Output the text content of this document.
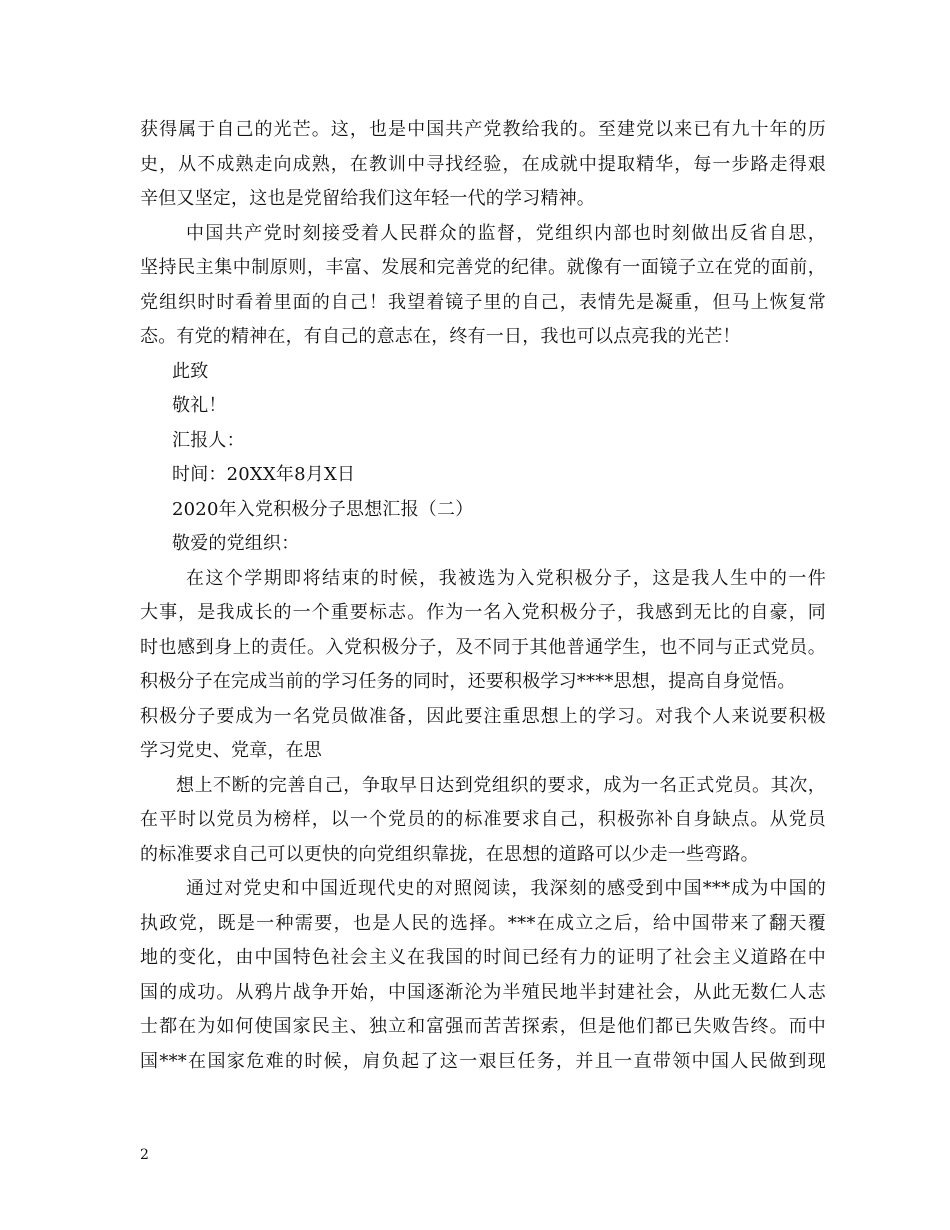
获得属于自己的光芒。这，也是中国共产党教给我的。至建党以来已有九十年的历
史，从不成熟走向成熟，在教训中寻找经验，在成就中提取精华，每一步路走得艰
辛但又坚定，这也是党留给我们这年轻一代的学习精神。
中国共产党时刻接受着人民群众的监督，党组织内部也时刻做出反省自思，
坚持民主集中制原则，丰富、发展和完善党的纪律。就像有一面镜子立在党的面前，
党组织时时看着里面的自己！我望着镜子里的自己，表情先是凝重，但马上恢复常
态。有党的精神在，有自己的意志在，终有一日，我也可以点亮我的光芒！
此致
敬礼！
汇报人：
时间：20XX年8月X日
2020年入党积极分子思想汇报（二）
敬爱的党组织：
在这个学期即将结束的时候，我被选为入党积极分子，这是我人生中的一件
大事，是我成长的一个重要标志。作为一名入党积极分子，我感到无比的自豪，同
时也感到身上的责任。入党积极分子，及不同于其他普通学生，也不同与正式党员。
积极分子在完成当前的学习任务的同时，还要积极学习****思想，提高自身觉悟。
积极分子要成为一名党员做准备，因此要注重思想上的学习。对我个人来说要积极
学习党史、党章，在思
想上不断的完善自己，争取早日达到党组织的要求，成为一名正式党员。其次，
在平时以党员为榜样，以一个党员的的标准要求自己，积极弥补自身缺点。从党员
的标准要求自己可以更快的向党组织靠拢，在思想的道路可以少走一些弯路。
通过对党史和中国近现代史的对照阅读，我深刻的感受到中国***成为中国的
执政党，既是一种需要，也是人民的选择。***在成立之后，给中国带来了翻天覆
地的变化，由中国特色社会主义在我国的时间已经有力的证明了社会主义道路在中
国的成功。从鸦片战争开始，中国逐渐沦为半殖民地半封建社会，从此无数仁人志
士都在为如何使国家民主、独立和富强而苦苦探索，但是他们都已失败告终。而中
国***在国家危难的时候，肩负起了这一艰巨任务，并且一直带领中国人民做到现
2
